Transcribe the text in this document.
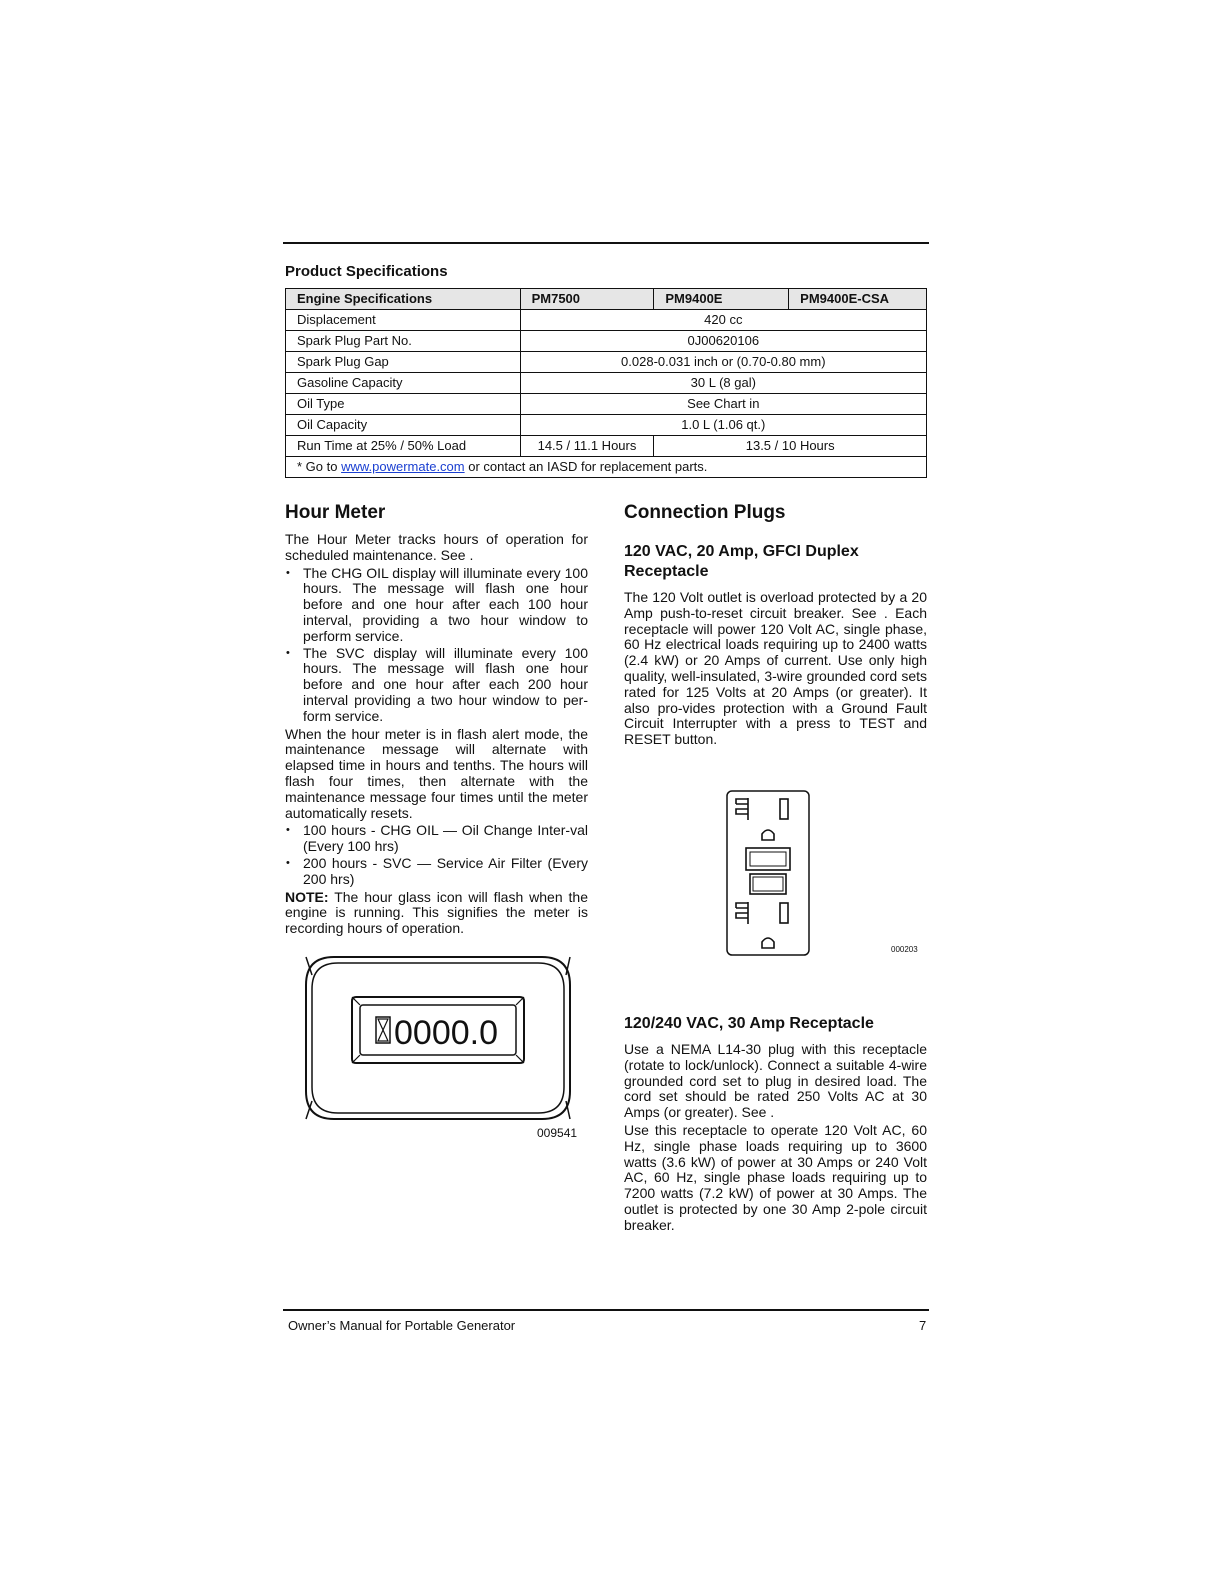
Product Specifications
Engine Specifications	PM7500	PM9400E	PM9400E-CSA
Displacement	420 cc		
Spark Plug Part No.	0J00620106		
Spark Plug Gap	0.028-0.031 inch or (0.70-0.80 mm)		
Gasoline Capacity	30 L (8 gal)		
Oil Type	See Chart in		
Oil Capacity	1.0 L (1.06 qt.)		
Run Time at 25% / 50% Load	14.5 / 11.1 Hours	13.5 / 10 Hours	
* Go to www.powermate.com or contact an IASD for replacement parts.			
Hour Meter

The Hour Meter tracks hours of operation for scheduled maintenance. See .

• The CHG OIL display will illuminate every 100 hours. The message will flash one hour before and one hour after each 100 hour interval, providing a two hour window to perform service.
• The SVC display will illuminate every 100 hours. The message will flash one hour before and one hour after each 200 hour interval providing a two hour window to per-form service.

When the hour meter is in flash alert mode, the maintenance message will alternate with elapsed time in hours and tenths. The hours will flash four times, then alternate with the maintenance message four times until the meter automatically resets.

• 100 hours - CHG OIL — Oil Change Inter-val (Every 100 hrs)
• 200 hours - SVC — Service Air Filter (Every 200 hrs)

NOTE: The hour glass icon will flash when the engine is running. This signifies the meter is recording hours of operation.

0000.0
009541
Connection Plugs
120 VAC, 20 Amp, GFCI Duplex Receptacle

The 120 Volt outlet is overload protected by a 20 Amp push-to-reset circuit breaker. See . Each receptacle will power 120 Volt AC, single phase, 60 Hz electrical loads requiring up to 2400 watts (2.4 kW) or 20 Amps of current. Use only high quality, well-insulated, 3-wire grounded cord sets rated for 125 Volts at 20 Amps (or greater). It also pro-vides protection with a Ground Fault Circuit Interrupter with a press to TEST and RESET button.

120/240 VAC, 30 Amp Receptacle

Use a NEMA L14-30 plug with this receptacle (rotate to lock/unlock). Connect a suitable 4-wire grounded cord set to plug in desired load. The cord set should be rated 250 Volts AC at 30 Amps (or greater). See .

Use this receptacle to operate 120 Volt AC, 60 Hz, single phase loads requiring up to 3600 watts (3.6 kW) of power at 30 Amps or 240 Volt AC, 60 Hz, single phase loads requiring up to 7200 watts (7.2 kW) of power at 30 Amps. The outlet is protected by one 30 Amp 2-pole circuit breaker.

000203
Owner’s Manual for Portable Generator	7
